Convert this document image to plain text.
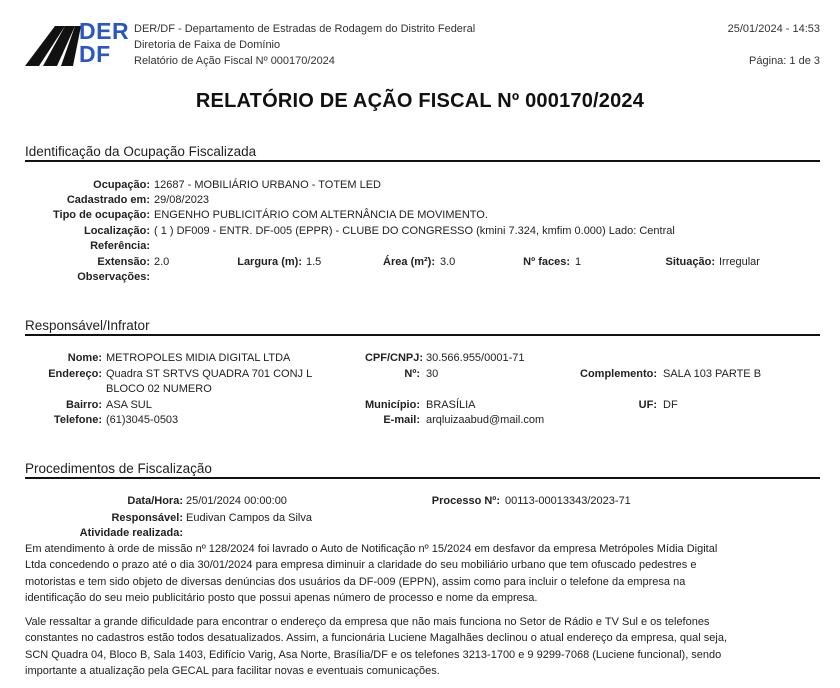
DER
DF
DER/DF - Departamento de Estradas de Rodagem do Distrito Federal
Diretoria de Faixa de Domínio
Relatório de Ação Fiscal Nº 000170/2024
25/01/2024 - 14:53
Página: 1 de 3
RELATÓRIO DE AÇÃO FISCAL Nº 000170/2024
Identificação da Ocupação Fiscalizada
Ocupação: 12687 - MOBILIÁRIO URBANO - TOTEM LED
Cadastrado em: 29/08/2023
Tipo de ocupação: ENGENHO PUBLICITÁRIO COM ALTERNÂNCIA DE MOVIMENTO.
Localização: ( 1 ) DF009 - ENTR. DF-005 (EPPR) - CLUBE DO CONGRESSO (kmini 7.324, kmfim 0.000) Lado: Central
Referência:
Extensão: 2.0	Largura (m): 1.5	Área (m²): 3.0	Nº faces: 1	Situação: Irregular
Observações:
Responsável/Infrator
Nome: METROPOLES MIDIA DIGITAL LTDA	CPF/CNPJ: 30.566.955/0001-71
Endereço: Quadra ST SRTVS QUADRA 701 CONJ L
BLOCO 02 NUMERO
Nº: 30	Complemento: SALA 103 PARTE B
Bairro: ASA SUL	Município: BRASÍLIA	UF: DF
Telefone: (61)3045-0503	E-mail: arqluizaabud@mail.com
Procedimentos de Fiscalização
Data/Hora: 25/01/2024 00:00:00	Processo Nº: 00113-00013343/2023-71
Responsável: Eudivan Campos da Silva
Atividade realizada:
Em atendimento à orde de missão nº 128/2024 foi lavrado o Auto de Notificação nº 15/2024 em desfavor da empresa Metrópoles Mídia Digital
Ltda concedendo o prazo até o dia 30/01/2024 para empresa diminuir a claridade do seu mobiliário urbano que tem ofuscado pedestres e
motoristas e tem sido objeto de diversas denúncias dos usuários da DF-009 (EPPN), assim como para incluir o telefone da empresa na
identificação do seu meio publicitário posto que possui apenas número de processo e nome da empresa.
Vale ressaltar a grande dificuldade para encontrar o endereço da empresa que não mais funciona no Setor de Rádio e TV Sul e os telefones
constantes no cadastros estão todos desatualizados. Assim, a funcionária Luciene Magalhães declinou o atual endereço da empresa, qual seja,
SCN Quadra 04, Bloco B, Sala 1403, Edifício Varig, Asa Norte, Brasília/DF e os telefones 3213-1700 e 9 9299-7068 (Luciene funcional), sendo
importante a atualização pela GECAL para facilitar novas e eventuais comunicações.
